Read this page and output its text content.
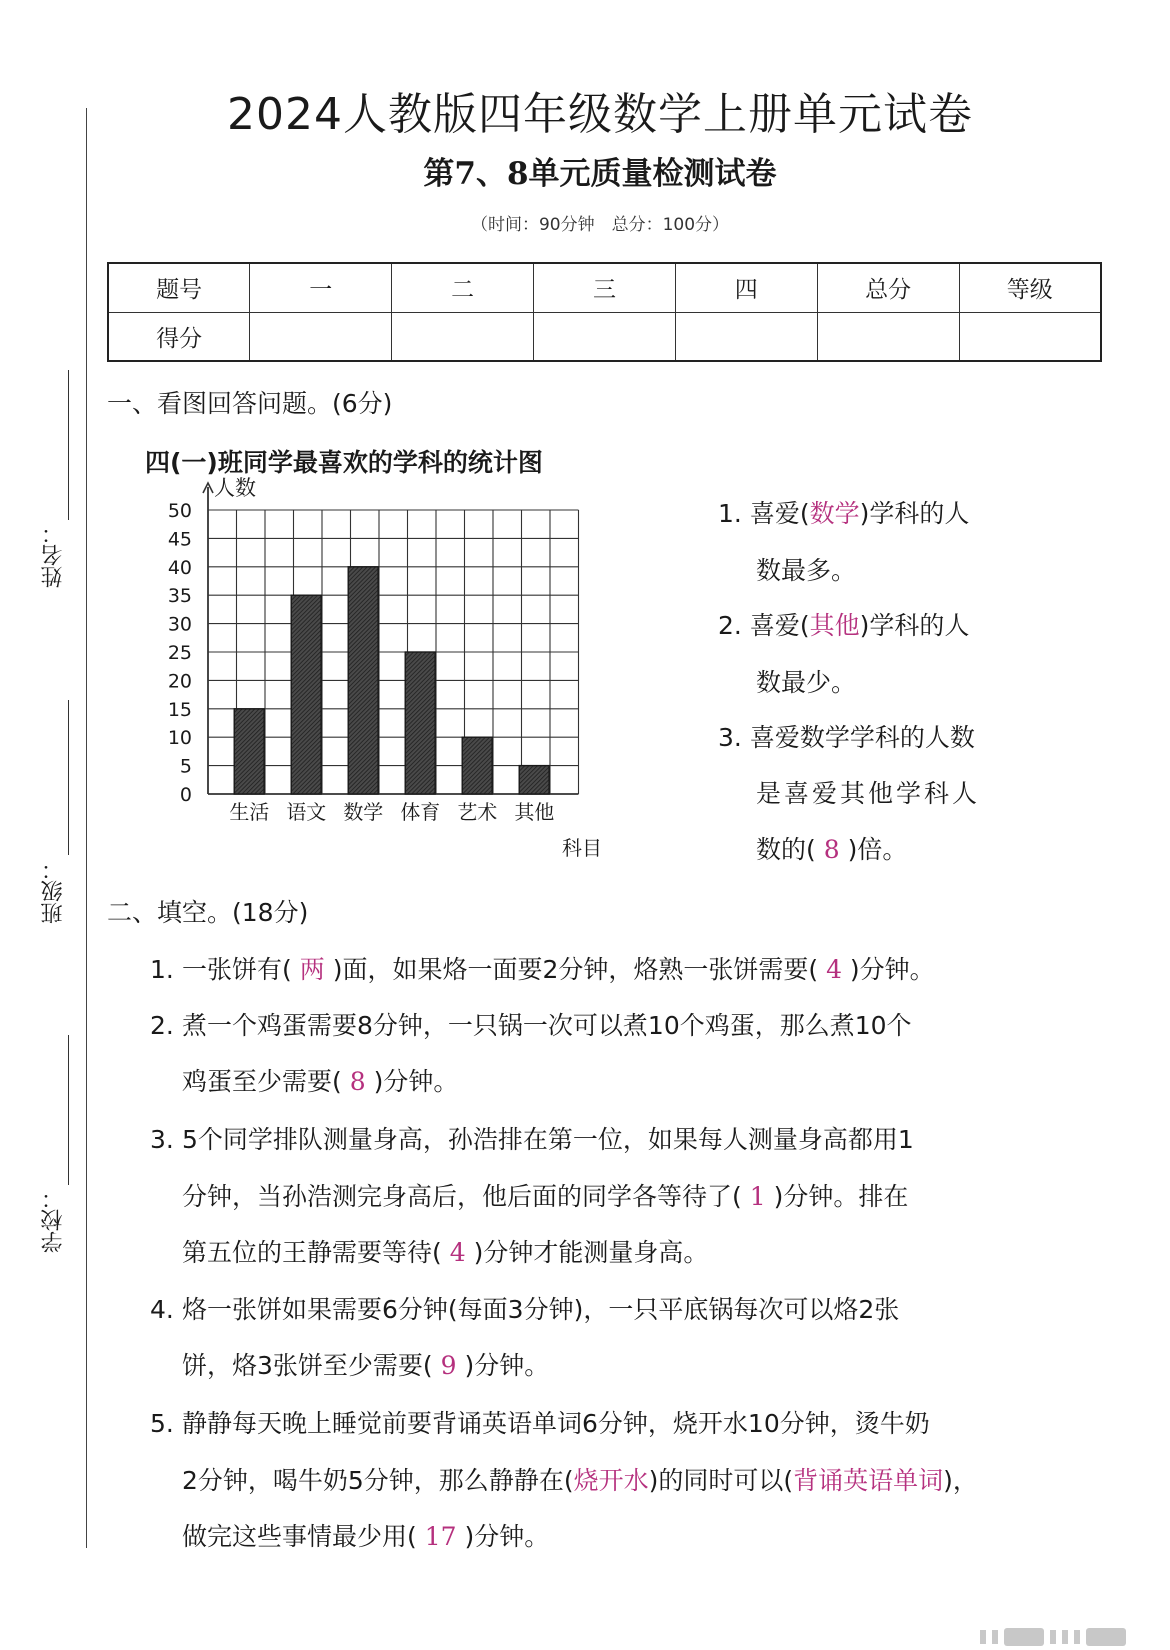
姓名：
班级：
学校：
2024人教版四年级数学上册单元试卷
第7、8单元质量检测试卷
（时间：90分钟　总分：100分）
题号	一	二	三	四	总分	等级
得分						
一、看图回答问题。(6分)
四(一)班同学最喜欢的学科的统计图
0
5
10
15
20
25
30
35
40
45
50
生活 语文 数学 体育 艺术 其他
人数
科目
1. 喜爱(数学)学科的人
数最多。
2. 喜爱(其他)学科的人
数最少。
3. 喜爱数学学科的人数
是喜爱其他学科人
数的( 8 )倍。
二、填空。(18分)
1. 一张饼有( 两 )面，如果烙一面要2分钟，烙熟一张饼需要( 4 )分钟。
2. 煮一个鸡蛋需要8分钟，一只锅一次可以煮10个鸡蛋，那么煮10个
鸡蛋至少需要( 8 )分钟。
3. 5个同学排队测量身高，孙浩排在第一位，如果每人测量身高都用1
分钟，当孙浩测完身高后，他后面的同学各等待了( 1 )分钟。排在
第五位的王静需要等待( 4 )分钟才能测量身高。
4. 烙一张饼如果需要6分钟(每面3分钟)，一只平底锅每次可以烙2张
饼，烙3张饼至少需要( 9 )分钟。
5. 静静每天晚上睡觉前要背诵英语单词6分钟，烧开水10分钟，烫牛奶
2分钟，喝牛奶5分钟，那么静静在(烧开水)的同时可以(背诵英语单词)，
做完这些事情最少用( 17 )分钟。
